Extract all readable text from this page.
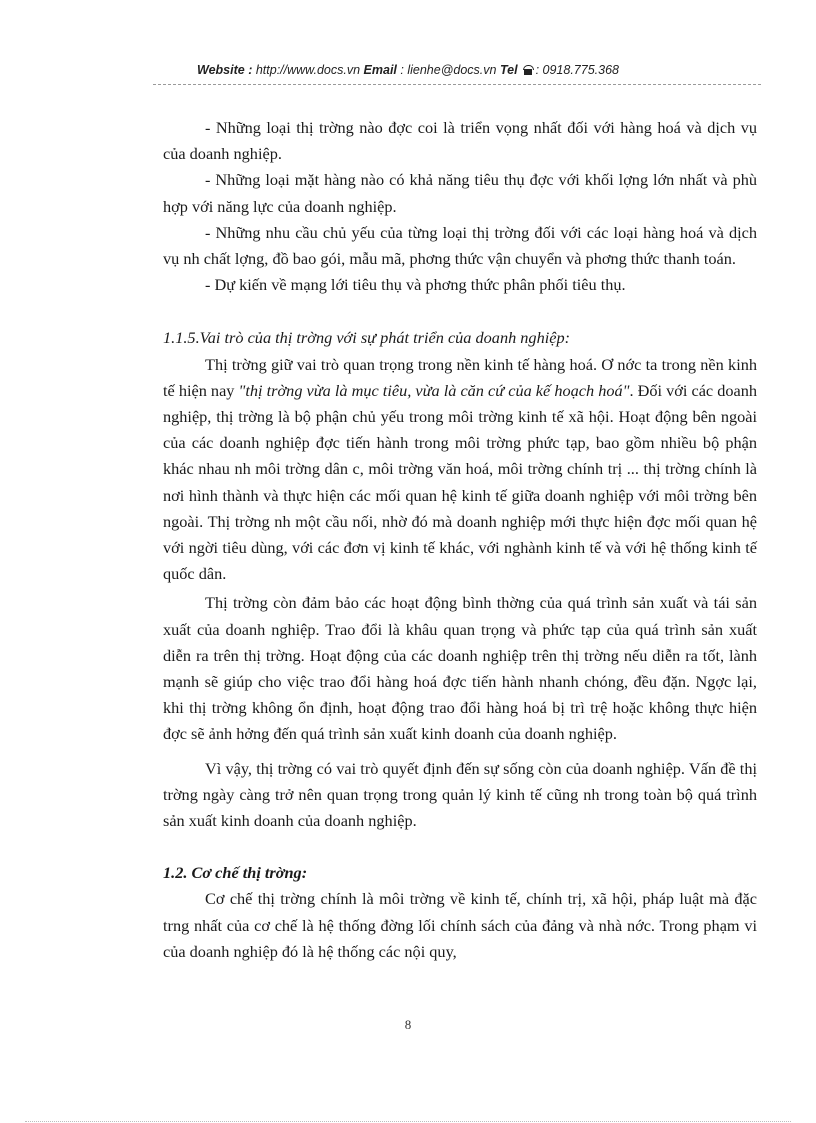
Website : http://www.docs.vn Email : lienhe@docs.vn Tel : 0918.775.368

- Những loại thị trờng nào đợc coi là triển vọng nhất đối với hàng hoá và dịch vụ của doanh nghiệp.

- Những loại mặt hàng nào có khả năng tiêu thụ đợc với khối lợng lớn nhất và phù hợp với năng lực của doanh nghiệp.

- Những nhu cầu chủ yếu của từng loại thị trờng đối với các loại hàng hoá và dịch vụ nh chất lợng, đồ bao gói, mẫu mã, phơng thức vận chuyển và phơng thức thanh toán.

- Dự kiến về mạng lới tiêu thụ và phơng thức phân phối tiêu thụ.

1.1.5.Vai trò của thị trờng với sự phát triển của doanh nghiệp:

Thị trờng giữ vai trò quan trọng trong nền kinh tế hàng hoá. Ơ nớc ta trong nền kinh tế hiện nay "thị trờng vừa là mục tiêu, vừa là căn cứ của kế hoạch hoá". Đối với các doanh nghiệp, thị trờng là bộ phận chủ yếu trong môi trờng kinh tế xã hội. Hoạt động bên ngoài của các doanh nghiệp đợc tiến hành trong môi trờng phức tạp, bao gồm nhiều bộ phận khác nhau nh môi trờng dân c, môi trờng văn hoá, môi trờng chính trị ... thị trờng chính là nơi hình thành và thực hiện các mối quan hệ kinh tế giữa doanh nghiệp với môi trờng bên ngoài. Thị trờng nh một cầu nối, nhờ đó mà doanh nghiệp mới thực hiện đợc mối quan hệ với ngời tiêu dùng, với các đơn vị kinh tế khác, với nghành kinh tế và với hệ thống kinh tế quốc dân.

Thị trờng còn đảm bảo các hoạt động bình thờng của quá trình sản xuất và tái sản xuất của doanh nghiệp. Trao đổi là khâu quan trọng và phức tạp của quá trình sản xuất diễn ra trên thị trờng. Hoạt động của các doanh nghiệp trên thị trờng nếu diễn ra tốt, lành mạnh sẽ giúp cho việc trao đổi hàng hoá đợc tiến hành nhanh chóng, đều đặn. Ngợc lại, khi thị trờng không ổn định, hoạt động trao đổi hàng hoá bị trì trệ hoặc không thực hiện đợc sẽ ảnh hởng đến quá trình sản xuất kinh doanh của doanh nghiệp.

Vì vậy, thị trờng có vai trò quyết định đến sự sống còn của doanh nghiệp. Vấn đề thị trờng ngày càng trở nên quan trọng trong quản lý kinh tế cũng nh trong toàn bộ quá trình sản xuất kinh doanh của doanh nghiệp.

1.2. Cơ chế thị trờng:

Cơ chế thị trờng chính là môi trờng về kinh tế, chính trị, xã hội, pháp luật mà đặc trng nhất của cơ chế là hệ thống đờng lối chính sách của đảng và nhà nớc. Trong phạm vi của doanh nghiệp đó là hệ thống các nội quy,

8
